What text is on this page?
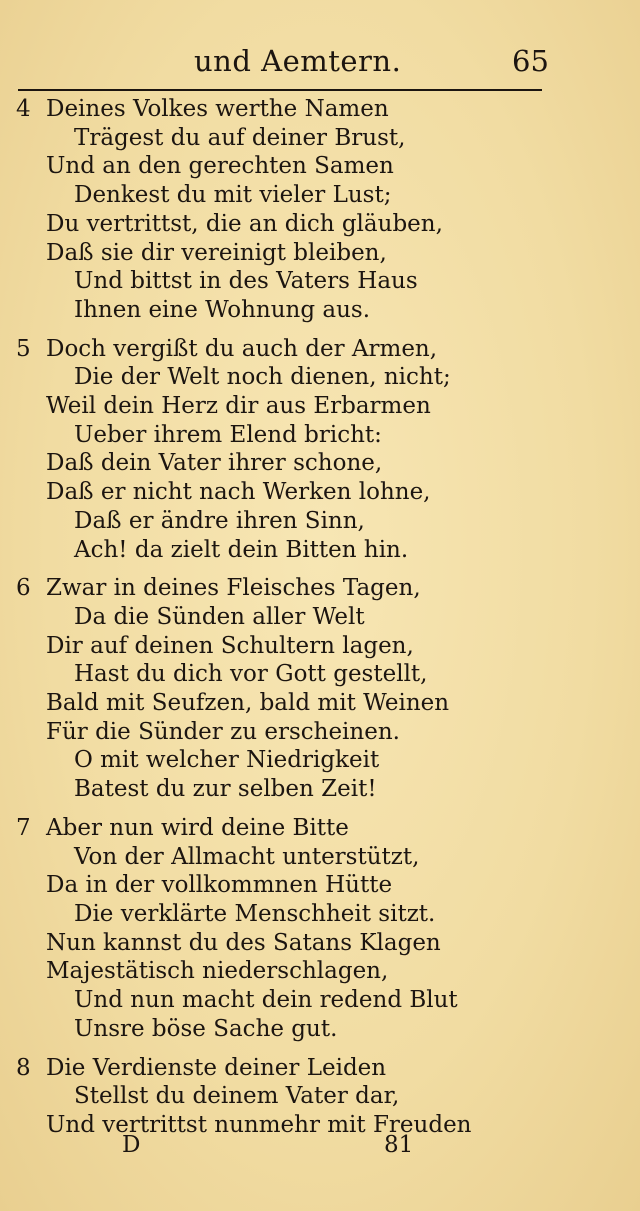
und Aemtern.	65
4 Deines Volkes werthe Namen
Trägest du auf deiner Brust,
Und an den gerechten Samen
Denkest du mit vieler Lust;
Du vertrittst, die an dich gläuben,
Daß sie dir vereinigt bleiben,
Und bittst in des Vaters Haus
Ihnen eine Wohnung aus.
5 Doch vergißt du auch der Armen,
Die der Welt noch dienen, nicht;
Weil dein Herz dir aus Erbarmen
Ueber ihrem Elend bricht:
Daß dein Vater ihrer schone,
Daß er nicht nach Werken lohne,
Daß er ändre ihren Sinn,
Ach! da zielt dein Bitten hin.
6 Zwar in deines Fleisches Tagen,
Da die Sünden aller Welt
Dir auf deinen Schultern lagen,
Hast du dich vor Gott gestellt,
Bald mit Seufzen, bald mit Weinen
Für die Sünder zu erscheinen.
O mit welcher Niedrigkeit
Batest du zur selben Zeit!
7 Aber nun wird deine Bitte
Von der Allmacht unterstützt,
Da in der vollkommnen Hütte
Die verklärte Menschheit sitzt.
Nun kannst du des Satans Klagen
Majestätisch niederschlagen,
Und nun macht dein redend Blut
Unsre böse Sache gut.
8 Die Verdienste deiner Leiden
Stellst du deinem Vater dar,
Und vertrittst nunmehr mit Freuden
D	81
